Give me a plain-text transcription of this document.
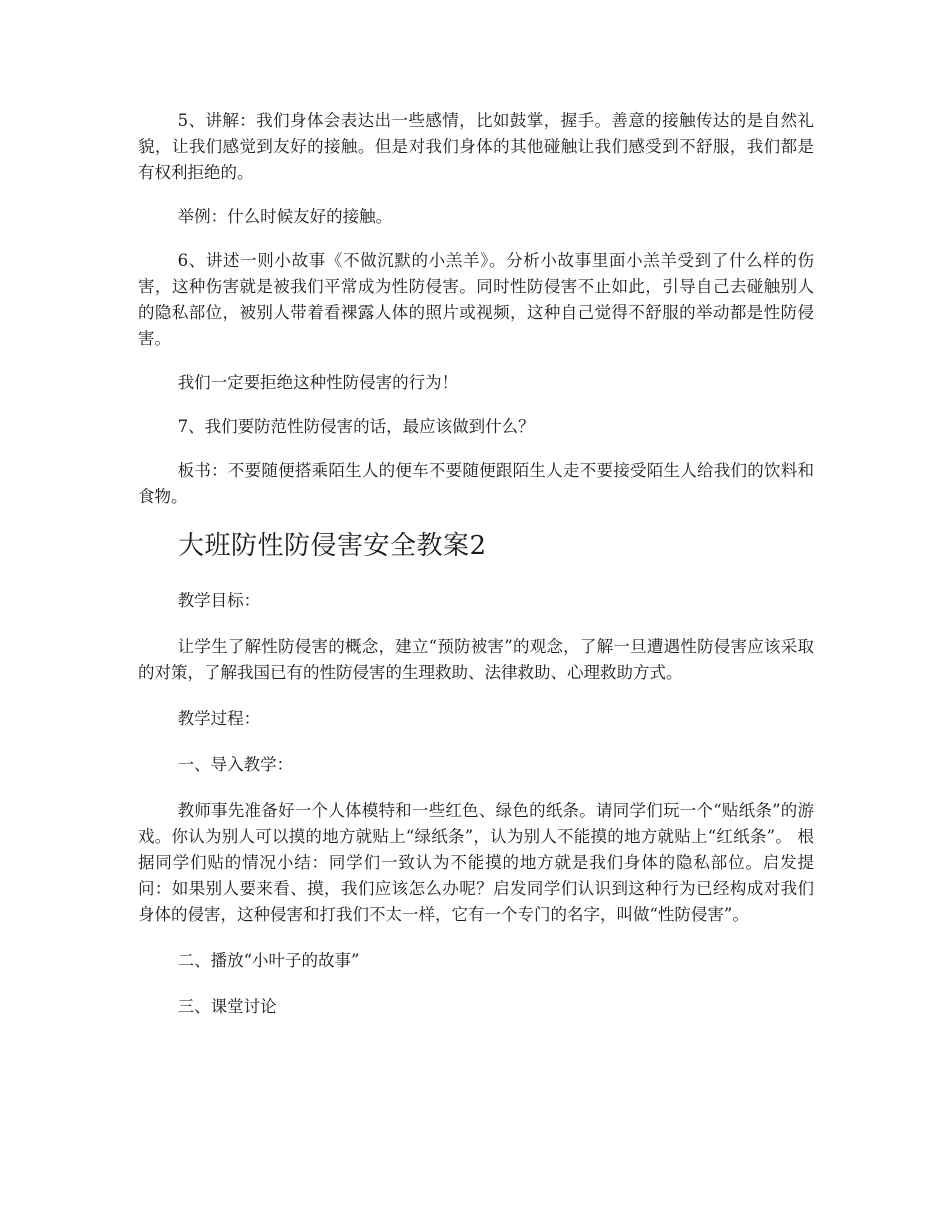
5、讲解：我们身体会表达出一些感情，比如鼓掌，握手。善意的接触传达的是自然礼貌，让我们感觉到友好的接触。但是对我们身体的其他碰触让我们感受到不舒服，我们都是有权利拒绝的。

举例：什么时候友好的接触。

6、讲述一则小故事《不做沉默的小羔羊》。分析小故事里面小羔羊受到了什么样的伤害，这种伤害就是被我们平常成为性防侵害。同时性防侵害不止如此，引导自己去碰触别人的隐私部位，被别人带着看裸露人体的照片或视频，这种自己觉得不舒服的举动都是性防侵害。

我们一定要拒绝这种性防侵害的行为！

7、我们要防范性防侵害的话，最应该做到什么？

板书：不要随便搭乘陌生人的便车不要随便跟陌生人走不要接受陌生人给我们的饮料和食物。

大班防性防侵害安全教案2

教学目标：

让学生了解性防侵害的概念，建立“预防被害”的观念，了解一旦遭遇性防侵害应该采取的对策，了解我国已有的性防侵害的生理救助、法律救助、心理救助方式。

教学过程：

一、导入教学：

教师事先准备好一个人体模特和一些红色、绿色的纸条。请同学们玩一个“贴纸条”的游戏。你认为别人可以摸的地方就贴上“绿纸条”，认为别人不能摸的地方就贴上“红纸条”。 根据同学们贴的情况小结：同学们一致认为不能摸的地方就是我们身体的隐私部位。启发提问：如果别人要来看、摸，我们应该怎么办呢？启发同学们认识到这种行为已经构成对我们身体的侵害，这种侵害和打我们不太一样，它有一个专门的名字，叫做“性防侵害”。

二、播放“小叶子的故事”

三、课堂讨论
